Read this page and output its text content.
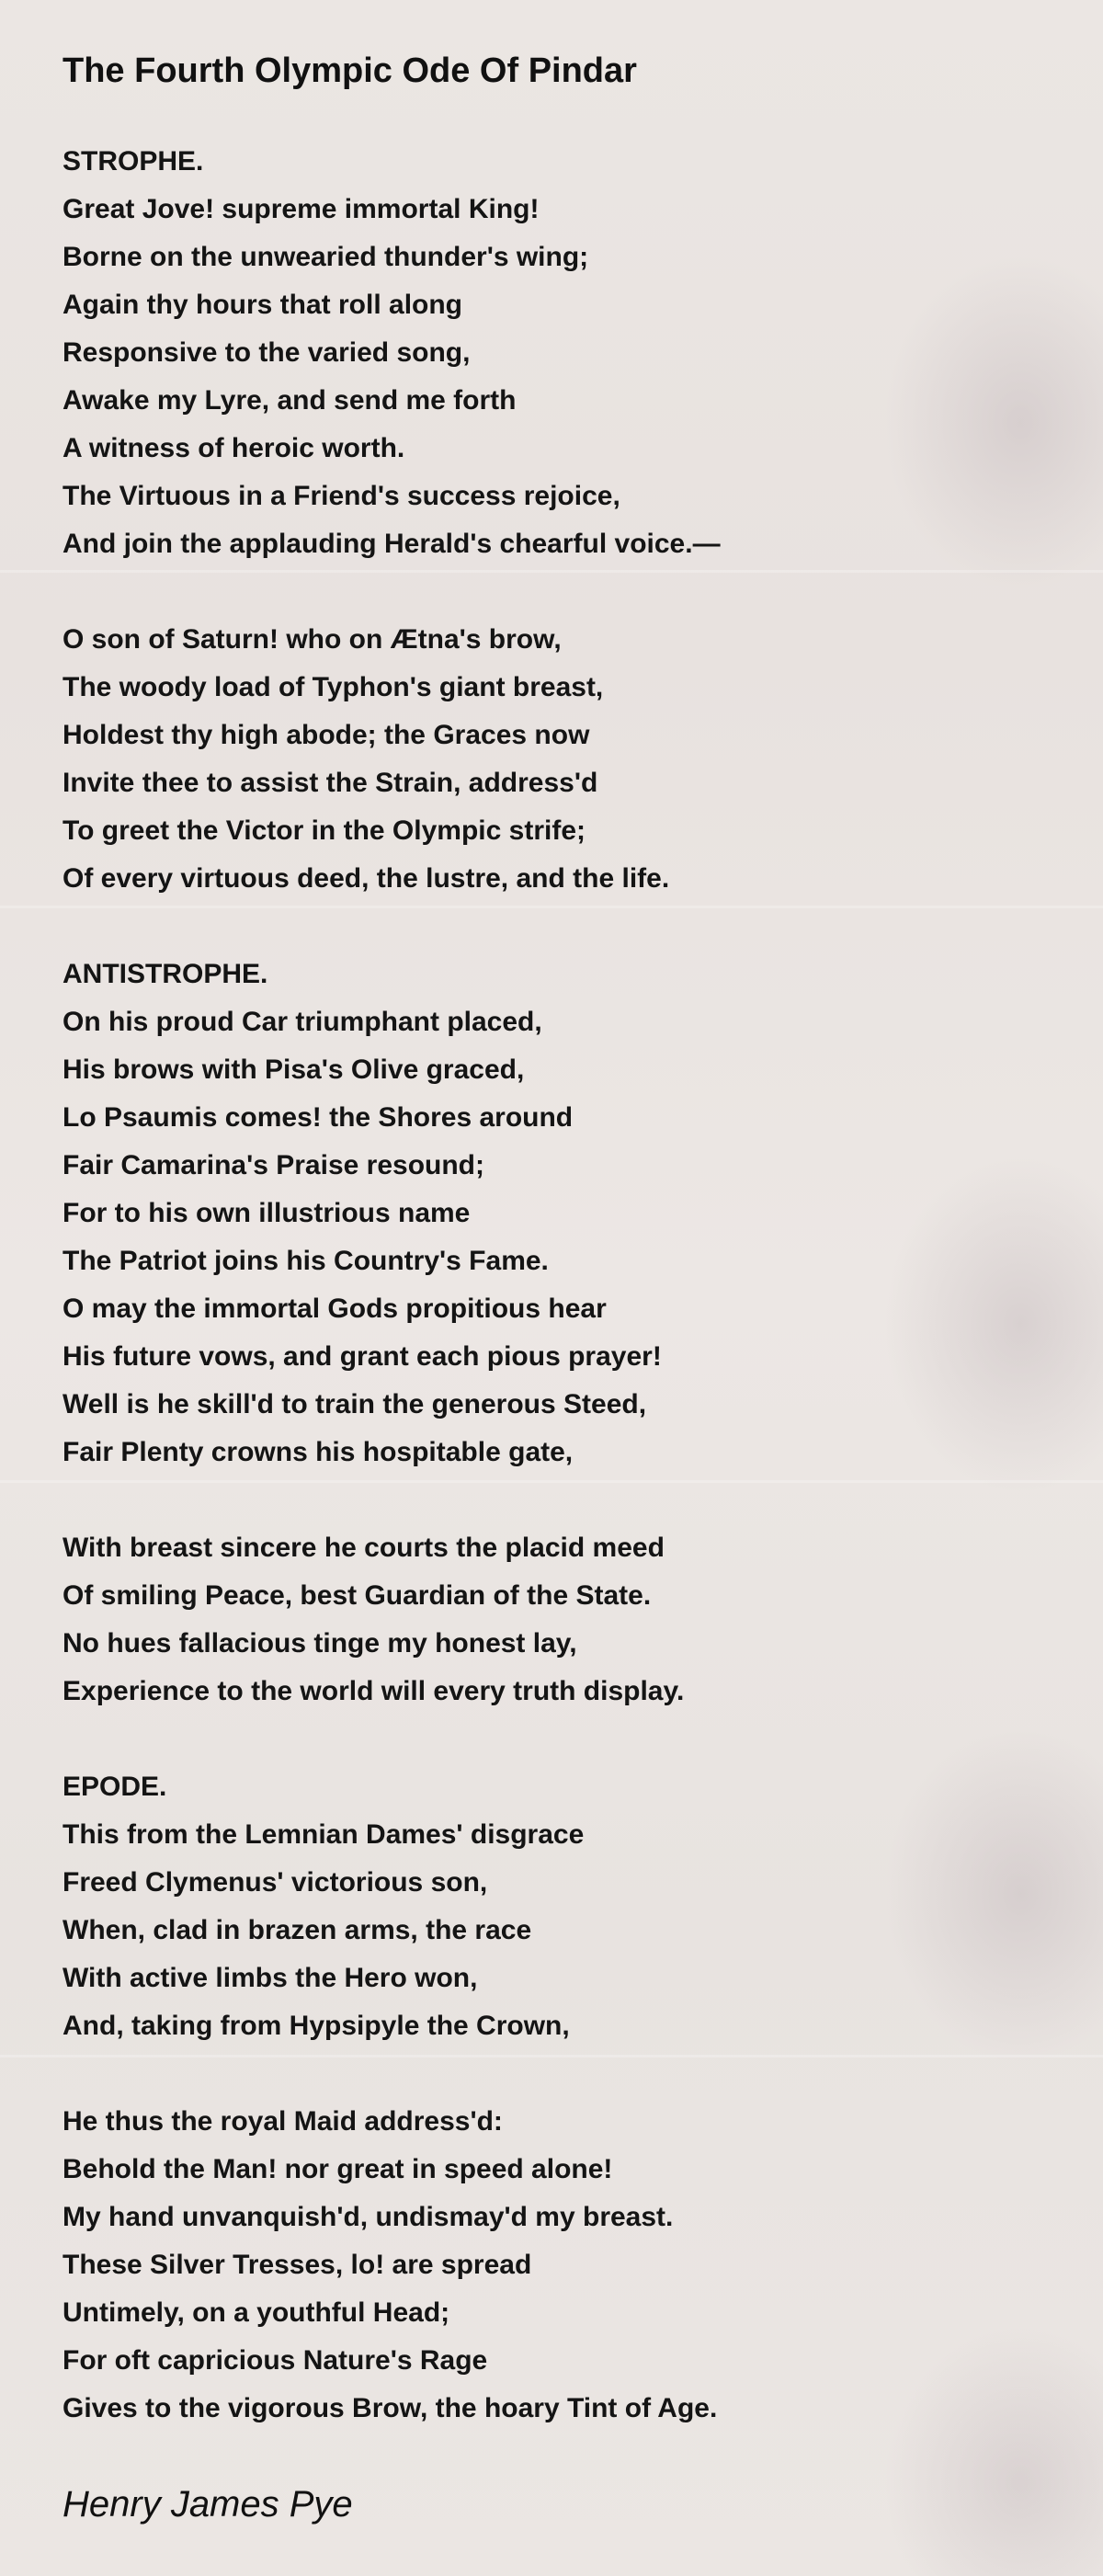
The Fourth Olympic Ode Of Pindar
STROPHE.
Great Jove! supreme immortal King!
Borne on the unwearied thunder's wing;
Again thy hours that roll along
Responsive to the varied song,
Awake my Lyre, and send me forth
A witness of heroic worth.
The Virtuous in a Friend's success rejoice,
And join the applauding Herald's chearful voice.—
O son of Saturn! who on Ætna's brow,
The woody load of Typhon's giant breast,
Holdest thy high abode; the Graces now
Invite thee to assist the Strain, address'd
To greet the Victor in the Olympic strife;
Of every virtuous deed, the lustre, and the life.
ANTISTROPHE.
On his proud Car triumphant placed,
His brows with Pisa's Olive graced,
Lo Psaumis comes! the Shores around
Fair Camarina's Praise resound;
For to his own illustrious name
The Patriot joins his Country's Fame.
O may the immortal Gods propitious hear
His future vows, and grant each pious prayer!
Well is he skill'd to train the generous Steed,
Fair Plenty crowns his hospitable gate,
With breast sincere he courts the placid meed
Of smiling Peace, best Guardian of the State.
No hues fallacious tinge my honest lay,
Experience to the world will every truth display.
EPODE.
This from the Lemnian Dames' disgrace
Freed Clymenus' victorious son,
When, clad in brazen arms, the race
With active limbs the Hero won,
And, taking from Hypsipyle the Crown,
He thus the royal Maid address'd:
Behold the Man! nor great in speed alone!
My hand unvanquish'd, undismay'd my breast.
These Silver Tresses, lo! are spread
Untimely, on a youthful Head;
For oft capricious Nature's Rage
Gives to the vigorous Brow, the hoary Tint of Age.
Henry James Pye
